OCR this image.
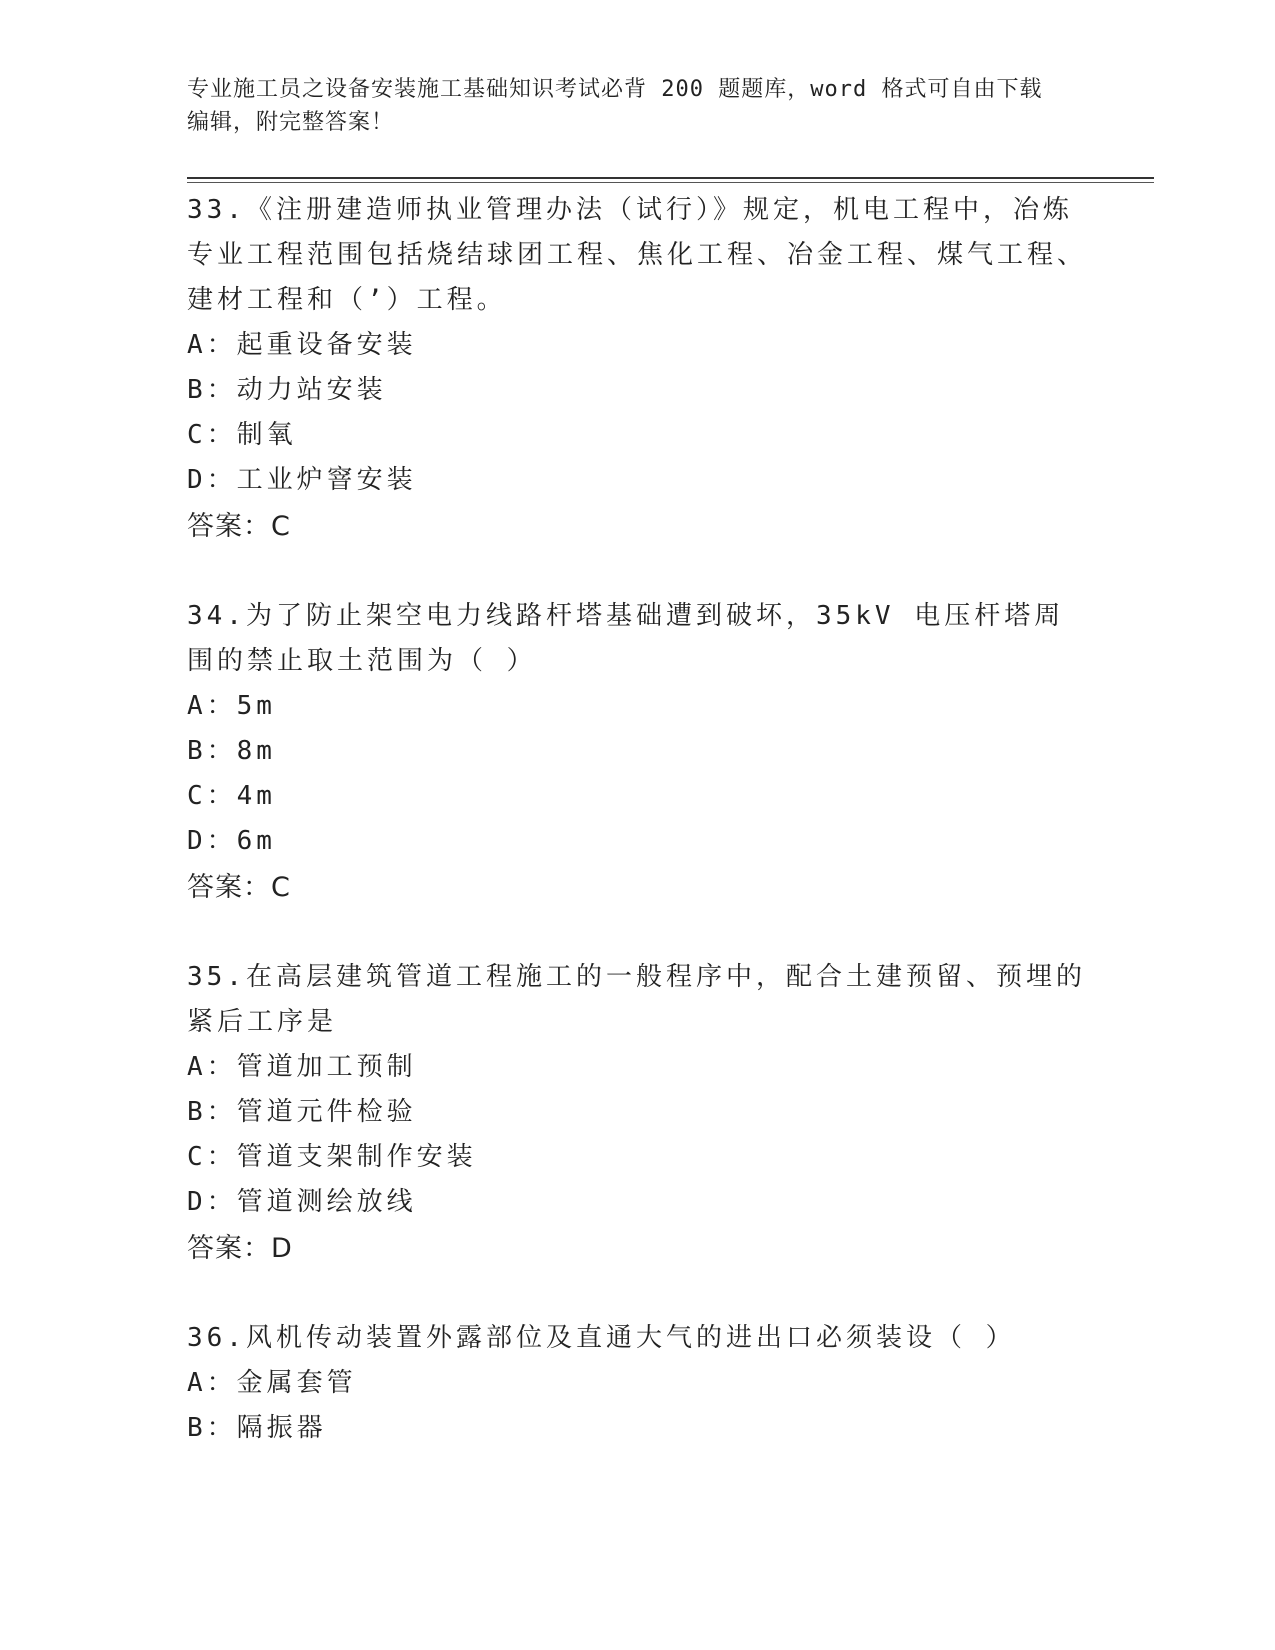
专业施工员之设备安装施工基础知识考试必背 200 题题库，word 格式可自由下载
编辑，附完整答案！

33.《注册建造师执业管理办法（试行）》规定，机电工程中，冶炼专业工程范围包括烧结球团工程、焦化工程、冶金工程、煤气工程、建材工程和（’）工程。

A：起重设备安装

B：动力站安装

C：制氧

D：工业炉窨安装

答案：C

34.为了防止架空电力线路杆塔基础遭到破坏，35kV 电压杆塔周围的禁止取土范围为（ ）

A：5m

B：8m

C：4m

D：6m

答案：C

35.在高层建筑管道工程施工的一般程序中，配合土建预留、预埋的紧后工序是

A：管道加工预制

B：管道元件检验

C：管道支架制作安装

D：管道测绘放线

答案：D

36.风机传动装置外露部位及直通大气的进出口必须装设（ ）

A：金属套管

B：隔振器
